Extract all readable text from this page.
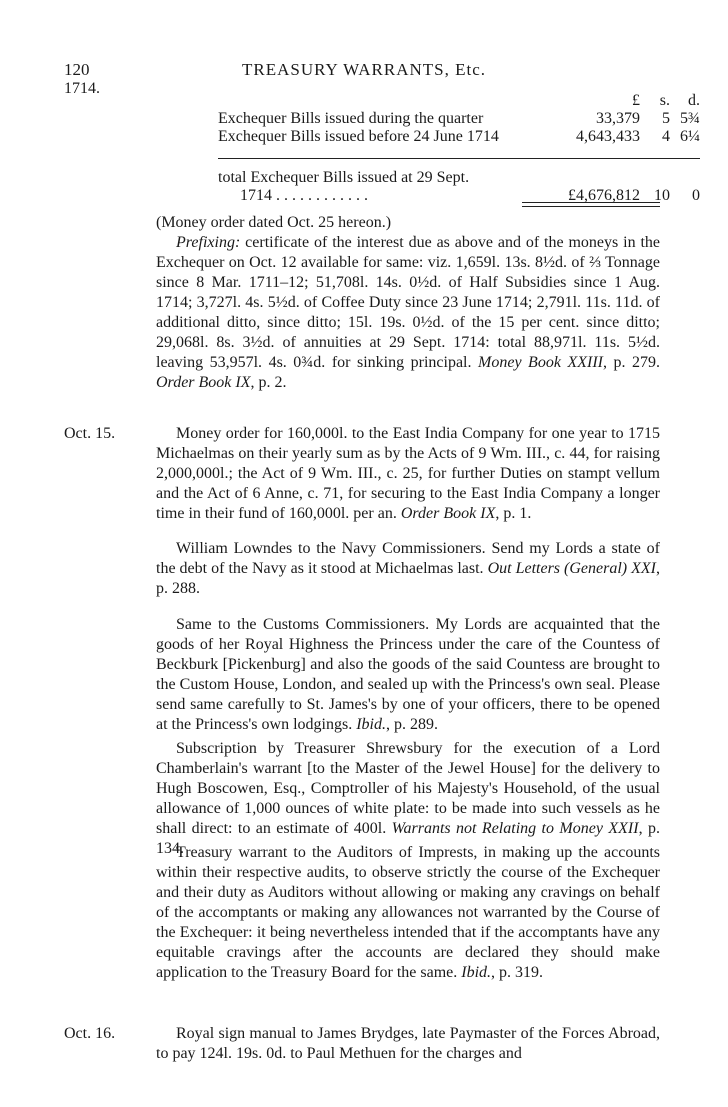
120	TREASURY WARRANTS, Etc.
1714.
	£	s.	d.
Exchequer Bills issued during the quarter	33,379	5	5¾
Exchequer Bills issued before 24 June 1714	4,643,433	4	6¼

total Exchequer Bills issued at 29 Sept.			
1714 . . . . . . . . . . . .	£4,676,812	10	0

(Money order dated Oct. 25 hereon.)

Prefixing: certificate of the interest due as above and of the moneys in the Exchequer on Oct. 12 available for same: viz. 1,659l. 13s. 8½d. of ⅔ Tonnage since 8 Mar. 1711–12; 51,708l. 14s. 0½d. of Half Subsidies since 1 Aug. 1714; 3,727l. 4s. 5½d. of Coffee Duty since 23 June 1714; 2,791l. 11s. 11d. of additional ditto, since ditto; 15l. 19s. 0½d. of the 15 per cent. since ditto; 29,068l. 8s. 3½d. of annuities at 29 Sept. 1714: total 88,971l. 11s. 5½d. leaving 53,957l. 4s. 0¾d. for sinking principal. Money Book XXIII, p. 279. Order Book IX, p. 2.

Oct. 15.	Money order for 160,000l. to the East India Company for one year to 1715 Michaelmas on their yearly sum as by the Acts of 9 Wm. III., c. 44, for raising 2,000,000l.; the Act of 9 Wm. III., c. 25, for further Duties on stampt vellum and the Act of 6 Anne, c. 71, for securing to the East India Company a longer time in their fund of 160,000l. per an. Order Book IX, p. 1.

William Lowndes to the Navy Commissioners. Send my Lords a state of the debt of the Navy as it stood at Michaelmas last. Out Letters (General) XXI, p. 288.

Same to the Customs Commissioners. My Lords are acquainted that the goods of her Royal Highness the Princess under the care of the Countess of Beckburk [Pickenburg] and also the goods of the said Countess are brought to the Custom House, London, and sealed up with the Princess's own seal. Please send same carefully to St. James's by one of your officers, there to be opened at the Princess's own lodgings. Ibid., p. 289.

Subscription by Treasurer Shrewsbury for the execution of a Lord Chamberlain's warrant [to the Master of the Jewel House] for the delivery to Hugh Boscowen, Esq., Comptroller of his Majesty's Household, of the usual allowance of 1,000 ounces of white plate: to be made into such vessels as he shall direct: to an estimate of 400l. Warrants not Relating to Money XXII, p. 134.

Treasury warrant to the Auditors of Imprests, in making up the accounts within their respective audits, to observe strictly the course of the Exchequer and their duty as Auditors without allowing or making any cravings on behalf of the accomptants or making any allowances not warranted by the Course of the Exchequer: it being nevertheless intended that if the accomptants have any equitable cravings after the accounts are declared they should make application to the Treasury Board for the same. Ibid., p. 319.

Oct. 16.	Royal sign manual to James Brydges, late Paymaster of the Forces Abroad, to pay 124l. 19s. 0d. to Paul Methuen for the charges and
